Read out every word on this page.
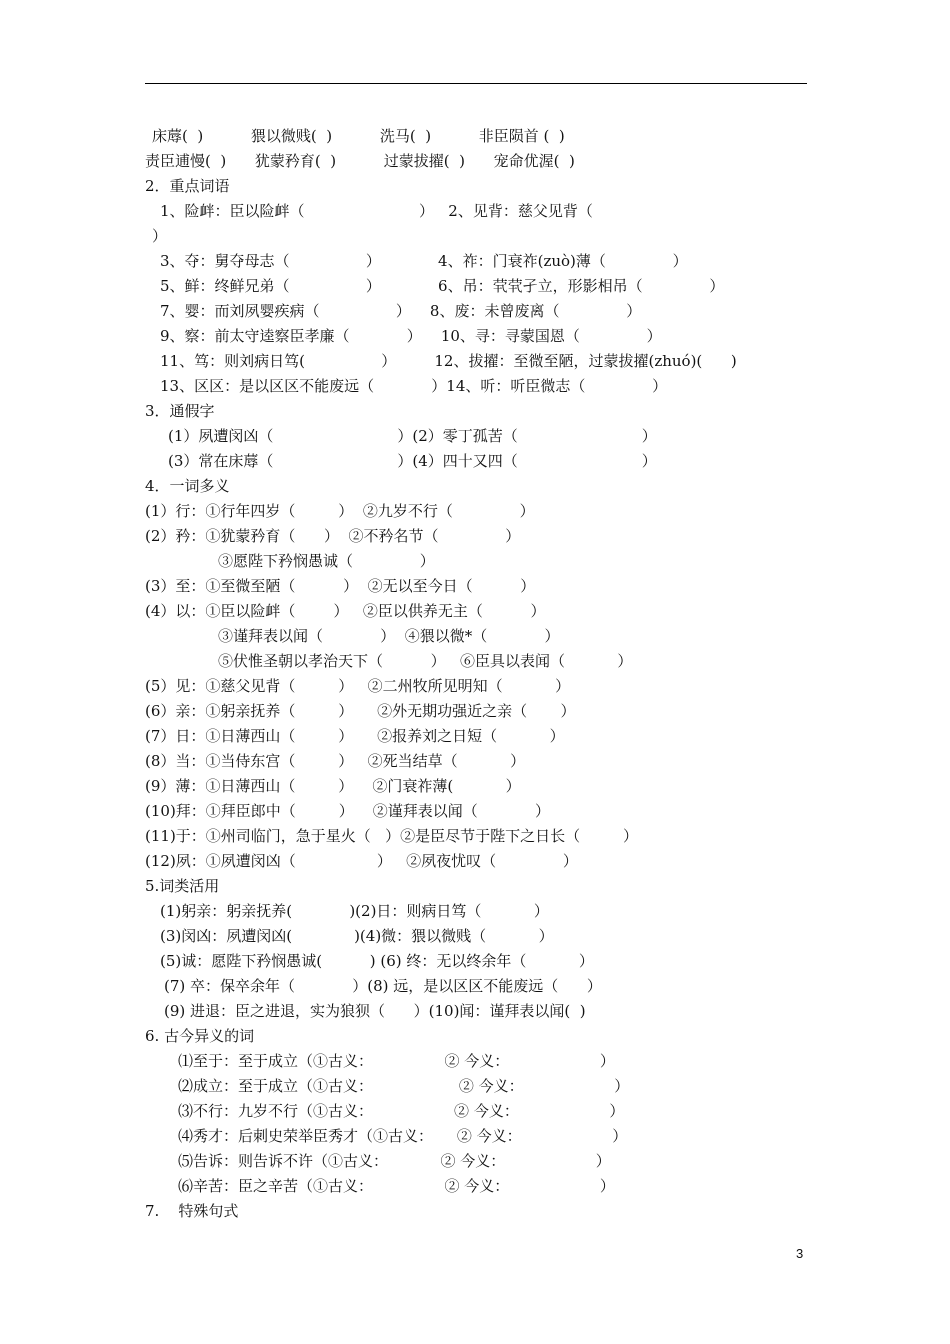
床蓐(  )          猥以微贱(  )          洗马(  )          非臣陨首 (  )
责臣逋慢(  )      犹蒙矜育(  )          过蒙拔擢(  )      宠命优渥(  )
2．重点词语
1、险衅：臣以险衅（                        ）   2、见背：慈父见背（
）
3、夺：舅夺母志（                ）            4、祚：门衰祚(zuò)薄（              ）
5、鲜：终鲜兄弟（                ）            6、吊：茕茕孑立，形影相吊（              ）
7、婴：而刘夙婴疾病（                ）    8、废：未曾废离（              ）
9、察：前太守逵察臣孝廉（            ）    10、寻：寻蒙国恩（              ）
11、笃：则刘病日笃(                ）        12、拔擢：至微至陋，过蒙拔擢(zhuó)(      )
13、区区：是以区区不能废远（            ）14、听：听臣微志（              ）
3．通假字
(1）夙遭闵凶（                          ）(2）零丁孤苦（                          ）
(3）常在床蓐（                          ）(4）四十又四（                          ）
4．一词多义
(1）行：①行年四岁（         ）  ②九岁不行（              ）
(2）矜：①犹蒙矜育（      ）  ②不矜名节（              ）
③愿陛下矜悯愚诚（              ）
(3）至：①至微至陋（          ）  ②无以至今日（          ）
(4）以：①臣以险衅（        ）   ②臣以供养无主（          ）
③谨拜表以闻（            ）  ④猥以微*（            ）
⑤伏惟圣朝以孝治天下（          ）   ⑥臣具以表闻（           ）
(5）见：①慈父见背（         ）   ②二州牧所见明知（           ）
(6）亲：①躬亲抚养（         ）     ②外无期功强近之亲（       ）
(7）日：①日薄西山（         ）     ②报养刘之日短（           ）
(8）当：①当侍东宫（         ）   ②死当结草（           ）
(9）薄：①日薄西山（         ）    ②门衰祚薄(           ）
(10)拜：①拜臣郎中（         ）    ②谨拜表以闻（            ）
(11)于：①州司临门，急于星火（   ）②是臣尽节于陛下之日长（         ）
(12)夙：①夙遭闵凶（                 ）   ②夙夜忧叹（              ）
5.词类活用
(1)躬亲：躬亲抚养(            )(2)日：则病日笃（           ）
(3)闵凶：夙遭闵凶(             )(4)微：猥以微贱（           ）
(5)诚：愿陛下矜悯愚诚(          ) (6) 终：无以终余年（           ）
(7) 卒：保卒余年（            ）(8) 远，是以区区不能废远（      ）
(9) 进退：臣之进退，实为狼狈（      ）(10)闻：谨拜表以闻(  )
6. 古今异义的词
⑴至于：至于成立（①古义：               ② 今义：                   ）
⑵成立：至于成立（①古义：                  ② 今义：                   ）
⑶不行：九岁不行（①古义：                 ② 今义：                   ）
⑷秀才：后刺史荣举臣秀才（①古义：     ② 今义：                   ）
⑸告诉：则告诉不许（①古义：           ② 今义：                   ）
⑹辛苦：臣之辛苦（①古义：               ② 今义：                   ）
7.    特殊句式
3
